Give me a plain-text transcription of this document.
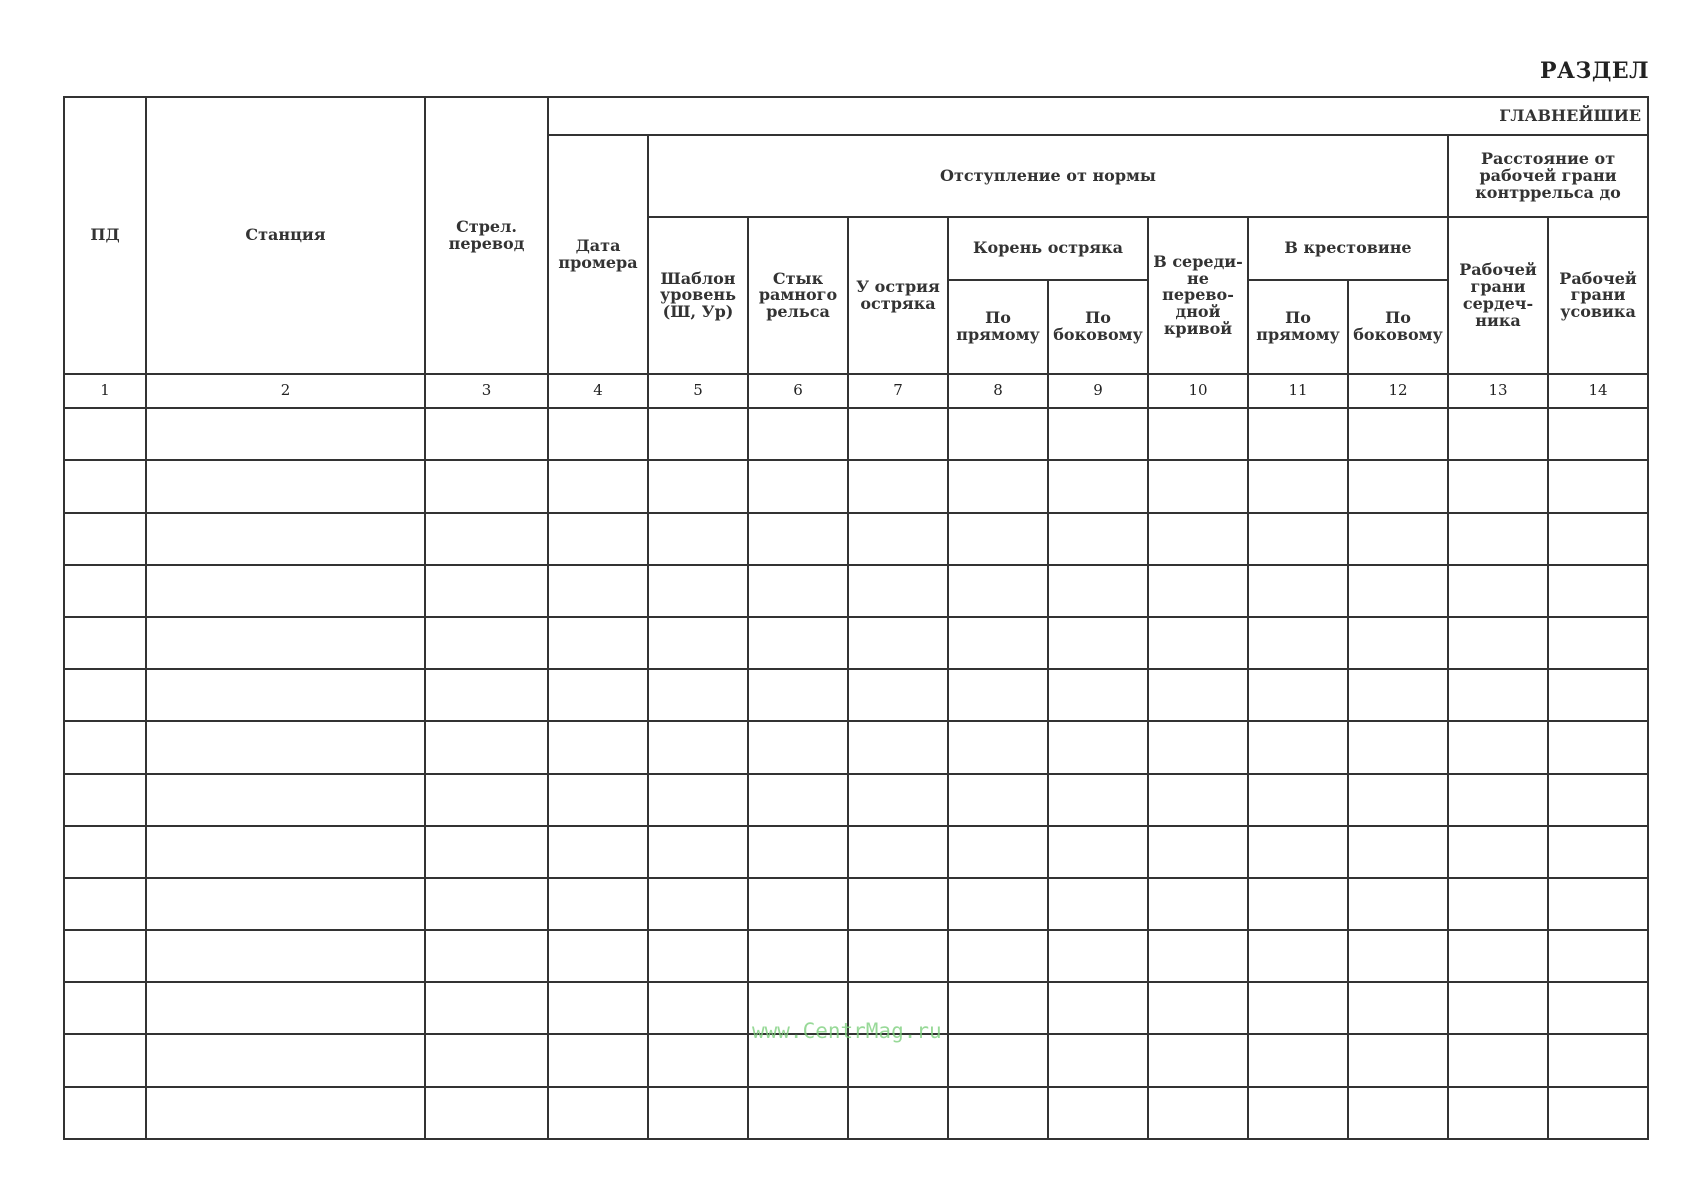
РАЗДЕЛ
ПД	Станция	Стрел. перевод	ГЛАВНЕЙШИЕ										
			Дата промера	Отступление от нормы								Расстояние от рабочей грани контррельса до	
				Шаблон уровень (Ш, Ур)	Стык рамного рельса	У острия остряка	Корень остряка		В середи- не перево- дной кривой	В крестовине		Рабочей грани сердеч- ника	Рабочей грани усовика
							По прямому	По боковому		По прямому	По боковому		
1	2	3	4	5	6	7	8	9	10	11	12	13	14

www.CentrMag.ru
